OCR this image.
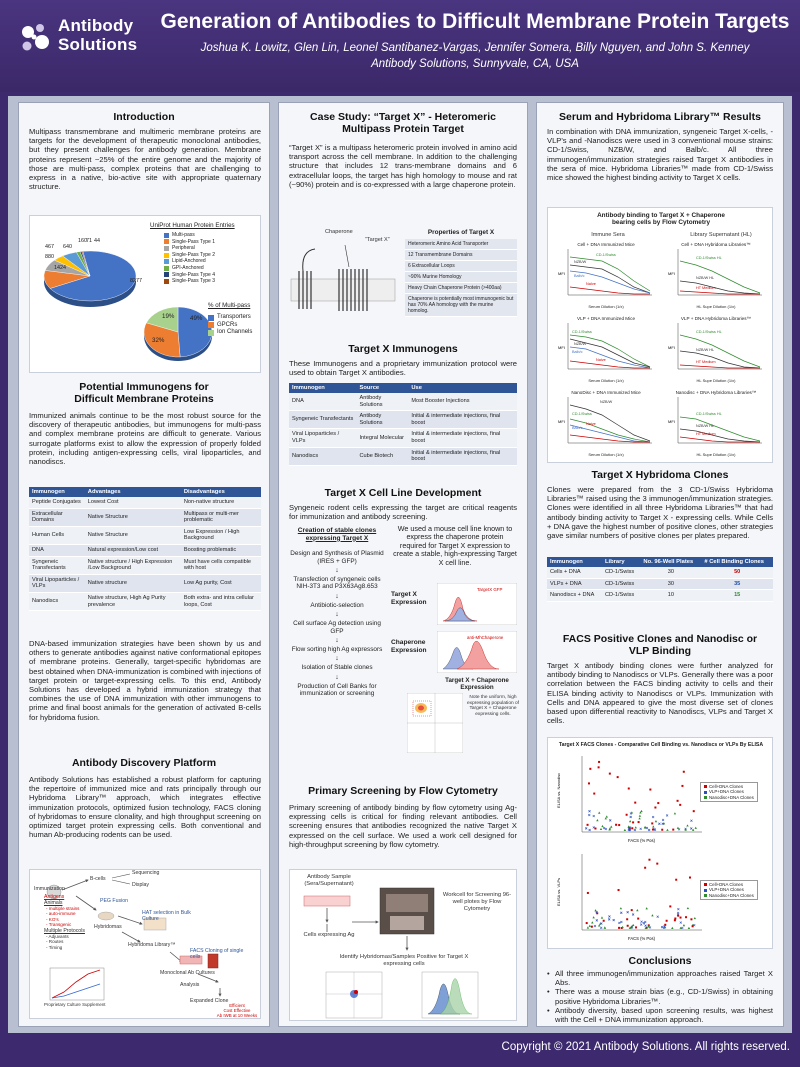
Antibody
Solutions
Generation of Antibodies to Difficult Membrane Protein Targets
Joshua K. Lowitz, Glen Lin, Leonel Santibanez-Vargas, Jennifer Somera, Billy Nguyen, and John S. Kenney
Antibody Solutions, Sunnyvale, CA, USA
Introduction
Multipass transmembrane and multimeric membrane proteins are targets for the development of therapeutic monoclonal antibodies, but they present challenges for antibody generation. Membrane proteins represent ~25% of the entire genome and the majority of those are multi-pass, complex proteins that are challenging to express in a native, bio-active site with appropriate quaternary structure.
467 640
160 71 44
880
1424
8277
49%
32%
19%
UniProt Human Protein Entries
Multi-pass
Single-Pass Type 1
Peripheral
Single-Pass Type 2
Lipid-Anchored
GPI-Anchored
Single-Pass Type 4
Single-Pass Type 3
% of Multi-pass
Transporters
GPCRs
Ion Channels
Potential Immunogens for
Difficult Membrane Proteins
Immunized animals continue to be the most robust source for the discovery of therapeutic antibodies, but immunogens for multi-pass and complex membrane proteins are difficult to generate. Various surrogate platforms exist to allow the expression of properly folded protein, including antigen-expressing cells, viral lipoparticles, and nanodiscs.
Immunogen	Advantages	Disadvantages
Peptide Conjugates	Lowest Cost	Non-native structure
Extracellular Domains	Native Structure	Multipass or multi-mer problematic
Human Cells	Native Structure	Low Expression / High Background
DNA	Natural expression/Low cost	Boosting problematic
Syngeneic Transfectants	Native structure / High Expression /Low Background	Must have cells compatible with host
Viral Lipoparticles / VLPs	Native structure	Low Ag purity, Cost
Nanodiscs	Native structure, High Ag Purity prevalence	Both extra- and intra cellular loops, Cost
DNA-based immunization strategies have been shown by us and others to generate antibodies against native conformational epitopes of membrane proteins. Generally, target-specific hybridomas are best obtained when DNA-immunization is combined with injections of target protein or target-expressing cells. To this end, Antibody Solutions has developed a hybrid immunization strategy that combines the use of DNA immunization with other immunogens to prime and final boost animals for the generation of activated B-cells for hybridoma fusion.
Antibody Discovery Platform
Antibody Solutions has established a robust platform for capturing the repertoire of immunized mice and rats principally through our Hybridoma Library™ approach, which integrates effective immunization protocols, optimized fusion technology, FACS cloning of hybridomas to ensure clonality, and high throughput screening on optimized target protein expressing cells. Both conventional and human Ab-producing rodents can be used.
Immunization
Antigens
Animals
- multiple strains
- auto-immune
- KO's
- Transgenic
Multiple Protocols
- Adjuvants
- Routes
- Timing
B-cells
Sequencing
Display
PEG Fusion
Hybridomas
HAT selection in Bulk Culture
Hybridoma Library™
FACS Cloning of single cells
Monoclonal Ab Cultures
Analysis
Expanded Clone
Proprietary Culture Supplement	Efficient
Cost Effective
Ab IWB at 10 Weeks
Case Study: “Target X” - Heteromeric
Multipass Protein Target
“Target X” is a multipass heteromeric protein involved in amino acid transport across the cell membrane. In addition to the challenging structure that includes 12 trans-membrane domains and 6 extracellular loops, the target has high homology to mouse and rat (~90%) protein and is co-expressed with a large chaperone protein.
Chaperone
“Target X”
Properties of Target X
Heteromeric Amino Acid Transporter
12 Transmembrane Domains
6 Extracellular Loops
~90% Murine Homology
Heavy Chain Chaperone Protein (>400aa)
Chaperone is potentially most immunogenic but has 70% AA homology with the murine homolog.
Target X Immunogens
These Immunogens and a proprietary immunization protocol were used to obtain Target X antibodies.
Immunogen	Source	Use
DNA	Antibody Solutions	Most Booster Injections
Syngeneic Transfectants	Antibody Solutions	Initial & intermediate injections, final boost
Viral Lipoparticles / VLPs	Integral Molecular	Initial & intermediate injections, final boost
Nanodiscs	Cube Biotech	Initial & intermediate injections, final boost
Target X Cell Line Development
Syngeneic rodent cells expressing the target are critical reagents for immunization and antibody screening.
Creation of stable clones expressing Target X
Design and Synthesis of Plasmid (IRES + GFP)
↓
Transfection of syngeneic cells NIH-3T3 and P3X63Ag8.653
↓
Antibiotic-selection
↓
Cell surface Ag detection using GFP
↓
Flow sorting high Ag expressors
↓
Isolation of Stable clones
↓
Production of Cell Banks for immunization or screening
We used a mouse cell line known to express the chaperone protein required for Target X expression to create a stable, high-expressing Target X cell line.
Target X Expression
Chaperone Expression
TargetX GFP
anti-MhChaperone
Target X + Chaperone Expression
Note the uniform, high expressing population of Target X + Chaperone expressing cells.
Primary Screening by Flow Cytometry
Primary screening of antibody binding by flow cytometry using Ag-expressing cells is critical for finding relevant antibodies. Cell screening ensures that antibodies recognized the native Target X expressed on the cell surface. We used a work cell designed for high-throughput screening by flow cytometry.
Antibody Sample (Sera/Supernatant)
Cells expressing Ag
Workcell for Screening 96-well plotes by Flow Cytometry
Identify Hybridomas/Samples Positive for Target X expressing cells
Serum and Hybridoma Library™ Results
In combination with DNA immunization, syngeneic Target X-cells, -VLP's and -Nanodiscs were used in 3 conventional mouse strains: CD-1/Swiss, NZB/W, and Balb/c. All three immunogen/immunization strategies raised Target X antibodies in the sera of mice. Hybridoma Libraries™ made from CD-1/Swiss mice showed the highest binding activity to Target X cells.
Antibody binding to Target X + Chaperone
bearing cells by Flow Cytometry
Immune Sera	Library Supernatant (HL)
Cell + DNA Immunized Mice
MFI
CD-1/Swiss
NZB/W
Balb/c
Naïve
Serum Dilution (1/x)
Cell + DNA Hybridoma Libraries™
MFI
CD-1/Swiss HL
NZB/W HL
HT Medium
HL Supe Dilution (1/x)
VLP + DNA Immunized Mice
MFI
CD-1/Swiss
NZB/W
Balb/c
Naive
Serum Dilution (1/x)
VLP + DNA Hybridoma Libraries™
MFI
CD-1/Swiss HL
NZB/W HL
HT Medium
HL Supe Dilution (1/x)
NanoDisc + DNA Immunized Mice
MFI
NZB/W
CD-1/Swiss
Balb/c
Naive
Serum Dilution (1/x)
Nanodisc + DNA Hybridoma Libraries™
MFI
CD-1/Swiss HL
NZB/W HL
HT Medium
HL Supe Dilution (1/x)
Target X Hybridoma Clones
Clones were prepared from the 3 CD-1/Swiss Hybridoma Libraries™ raised using the 3 immunogen/immunization strategies. Clones were identified in all three Hybridoma Libraries™ that had antibody binding activity to Target X - expressing cells. While Cells + DNA gave the highest number of positive clones, other strategies gave similar numbers of positive clones per plates prepared.
Immunogen	Library	No. 96-Well Plates	# Cell Binding Clones
Cells + DNA	CD-1/Swiss	30	50
VLPs + DNA	CD-1/Swiss	30	35
Nanodiscs + DNA	CD-1/Swiss	10	15
FACS Positive Clones and Nanodisc or
VLP Binding
Target X antibody binding clones were further analyzed for antibody binding to Nanodiscs or VLPs. Generally there was a poor correlation between the FACS binding activity to cells and their ELISA binding activity to Nanodiscs or VLPs. Immunization with Cells and DNA appeared to give the most diverse set of clones based upon differential reactivity to Nanodiscs, VLPs and Target X cells.
Target X FACS Clones - Comparative Cell Binding vs. Nanodiscs or VLPs By ELISA
ELISA vs. Nanodisc
FACS (% Pos)
Cell+DNA Clones
VLP+DNA Clones
Nanodisc+DNA Clones
ELISA vs. VLPs
FACS (% Pos)
Cell+DNA Clones
VLP+DNA Clones
Nanodisc+DNA Clones
Conclusions
• All three immunogen/immunization approaches raised Target X Abs.
• There was a mouse strain bias (e.g., CD-1/Swiss) in obtaining positive Hybridoma Libraries™.
• Antibody diversity, based upon screening results, was highest with the Cell + DNA immunization approach.
Copyright © 2021 Antibody Solutions. All rights reserved.
